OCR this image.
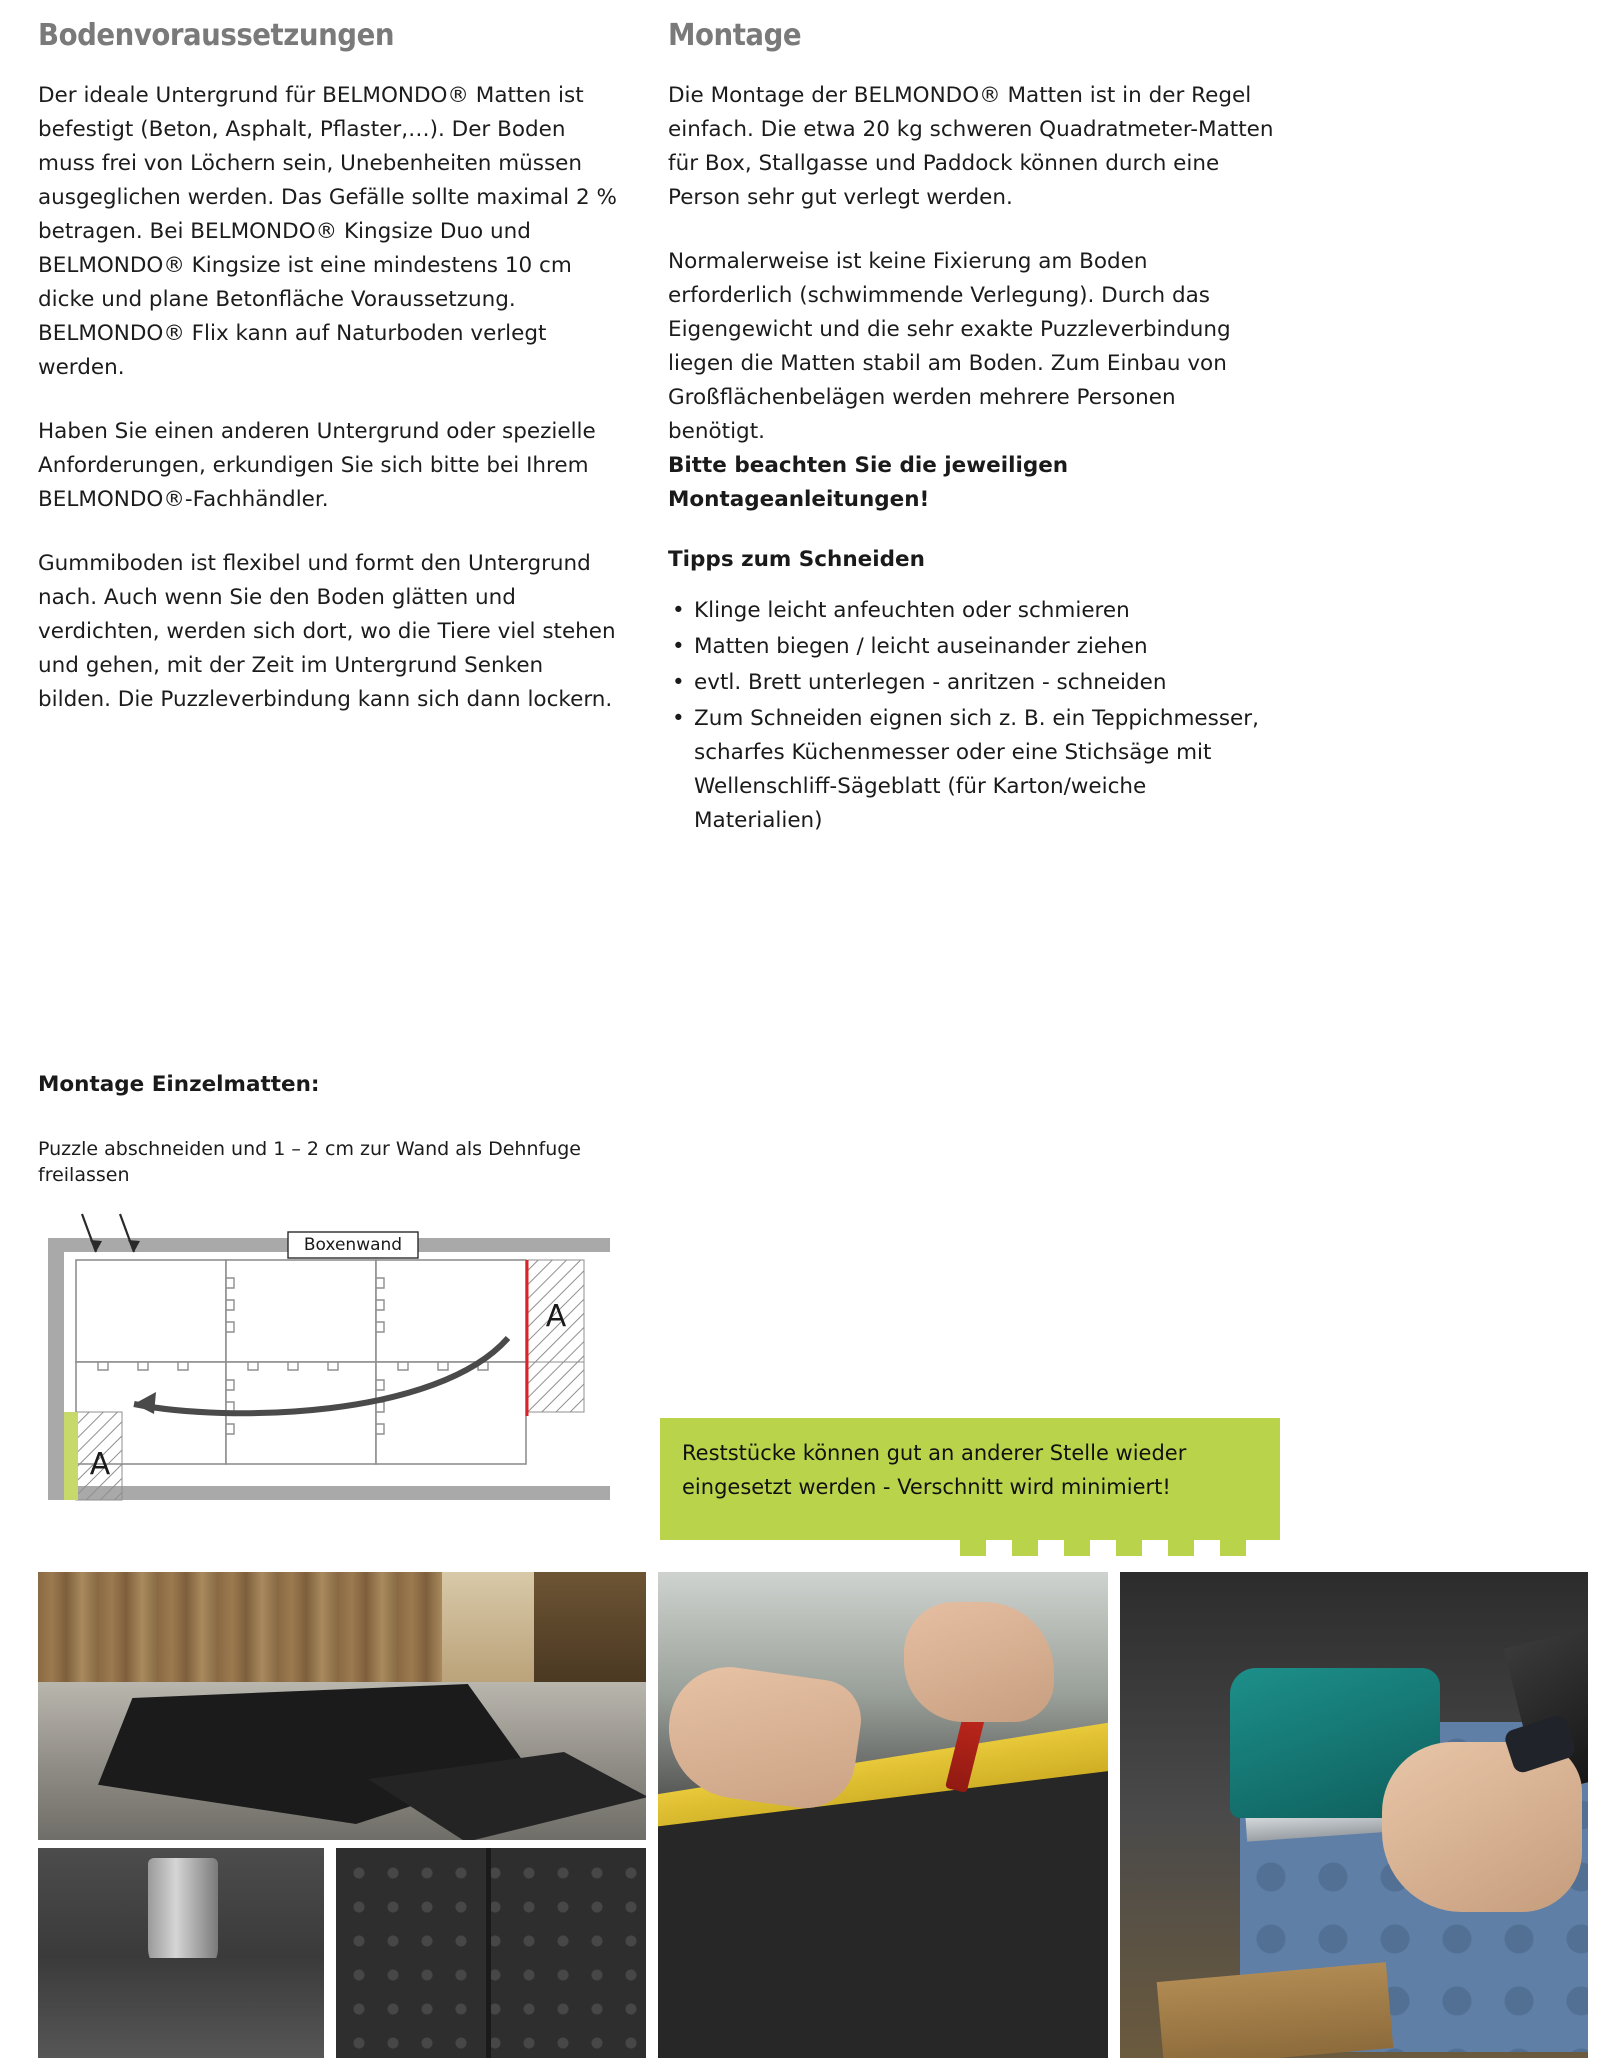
Bodenvoraussetzungen

Der ideale Untergrund für BELMONDO® Matten ist befestigt (Beton, Asphalt, Pflaster,…). Der Boden muss frei von Löchern sein, Unebenheiten müssen ausgeglichen werden. Das Gefälle sollte maximal 2 % betragen. Bei BELMONDO® Kingsize Duo und BELMONDO® Kingsize ist eine mindestens 10 cm dicke und plane Betonfläche Voraussetzung. BELMONDO® Flix kann auf Naturboden verlegt werden.

Haben Sie einen anderen Untergrund oder spezielle Anforderungen, erkundigen Sie sich bitte bei Ihrem BELMONDO®-Fachhändler.

Gummiboden ist flexibel und formt den Untergrund nach. Auch wenn Sie den Boden glätten und verdichten, werden sich dort, wo die Tiere viel stehen und gehen, mit der Zeit im Untergrund Senken bilden. Die Puzzleverbindung kann sich dann lockern.

Montage

Die Montage der BELMONDO® Matten ist in der Regel einfach. Die etwa 20 kg schweren Quadratmeter-Matten für Box, Stallgasse und Paddock können durch eine Person sehr gut verlegt werden.

Normalerweise ist keine Fixierung am Boden erforderlich (schwimmende Verlegung). Durch das Eigengewicht und die sehr exakte Puzzleverbindung liegen die Matten stabil am Boden. Zum Einbau von Großflächenbelägen werden mehrere Personen benötigt.

Bitte beachten Sie die jeweiligen Montageanleitungen!

Tipps zum Schneiden
• Klinge leicht anfeuchten oder schmieren
• Matten biegen / leicht auseinander ziehen
• evtl. Brett unterlegen - anritzen - schneiden
• Zum Schneiden eignen sich z. B. ein Teppichmesser, scharfes Küchenmesser oder eine Stichsäge mit Wellenschliff-Sägeblatt (für Karton/weiche Materialien)
Montage Einzelmatten:
Puzzle abschneiden und 1 – 2 cm zur Wand als Dehnfuge freilassen
Boxenwand
A
A	Reststücke können gut an anderer Stelle wieder eingesetzt werden - Verschnitt wird minimiert!
